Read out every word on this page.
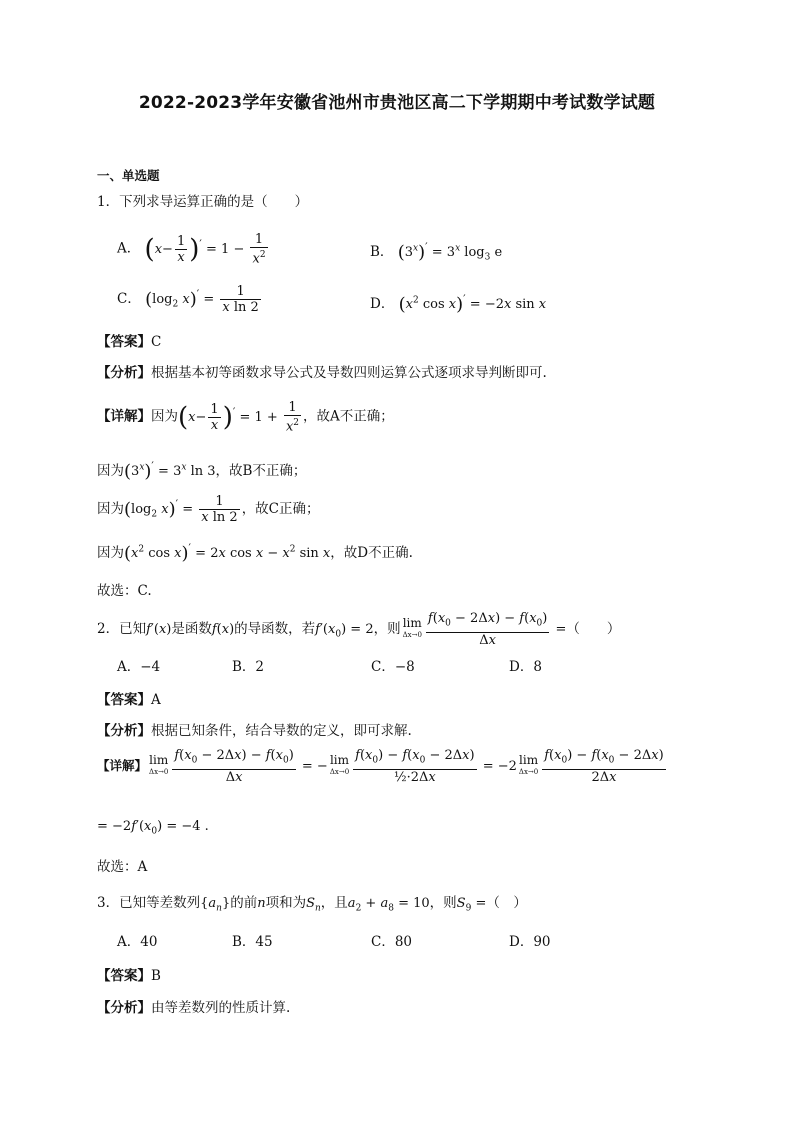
2022-2023学年安徽省池州市贵池区高二下学期期中考试数学试题
一、单选题
1．下列求导运算正确的是（　　）
A． $(x- \frac{1}{x} )' = 1 - \frac{1}{x^2}$	B． $(3^x)' = 3^x$ $\log_3 e$
C． ($\log_2$ $x)' = \frac{1}{\text{x ln 2}}$	D． ($x^2$ cos x)′ = −2x sin x
【答案】C
【分析】根据基本初等函数求导公式及导数四则运算公式逐项求导判断即可.
【详解】因为$(x- \frac{1}{x} )' = 1 + \frac{1}{x^2}$ ，故A不正确；
因为$(3^x)' = 3^x$ ln 3，故B不正确；
因为($\log_2$ $x)' = \frac{1}{\text{x ln 2}}$ ，故C正确；
因为($x^2$ cos x)′ = 2x $\cos x - x^2$ sin x，故D不正确.
故选：C.
2．已知f′(x)是函数f(x)的导函数，若$f'(x_0) = 2$，则 lim
$\Delta x\to 0 \frac{f(x_0 - 2\Delta x) - f(x_0)}{\Delta x}$ =（　　）
A．−4	B．2	C．−8	D．8
【答案】A
【分析】根据已知条件，结合导数的定义，即可求解.
【详解】 lim
$\Delta x\to 0 \frac{f(x_0 - 2\Delta x) - f(x_0)}{\Delta x}$ = − lim
$\Delta x\to 0 \frac{f(x_0) - f(x_0 - 2\Delta x)}{\text{½·2Δx}} = -2$ lim
$\Delta x\to 0 \frac{f(x_0) - f(x_0 - 2\Delta x)}{2\Delta x}$
= $-2f'(x_0) = -4$ .
故选：A
3．已知等差数列$\{a_n\}$的前n项和为$S_n$，且$a_2 + a_8 = 10$，则$S_9$ =（　）
A．40	B．45	C．80	D．90
【答案】B
【分析】由等差数列的性质计算.
